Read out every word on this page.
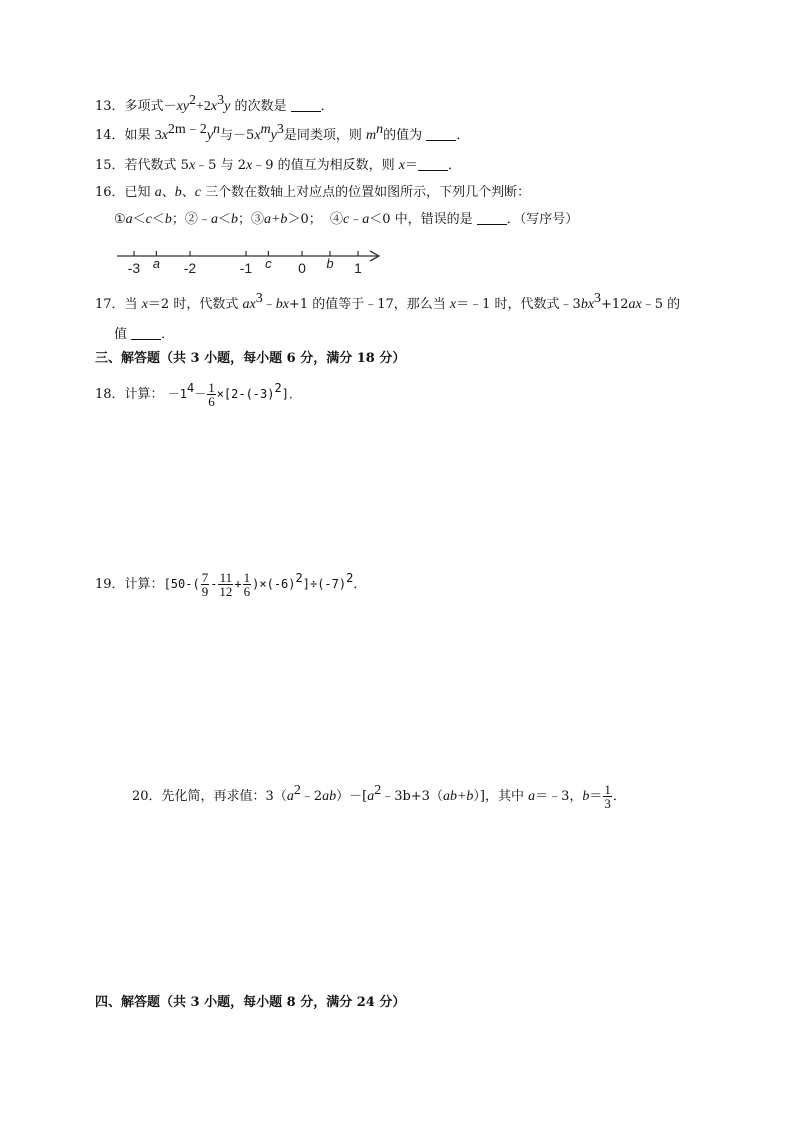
13．多项式$-xy^2+2x^3y$ 的次数是	．
14．如果 $3x^{2m﹣2}y^n$与$-5x^my^3$是同类项，则 $m^n$的值为	．
15．若代数式 5x﹣5 与 2x﹣9 的值互为相反数，则 x＝ ．
16．已知 a、b、c 三个数在数轴上对应点的位置如图所示，下列几个判断：
①a＜c＜b；②﹣a＜b；③a+b＞0； ④c﹣a＜0 中，错误的是	．（写序号）
-3 a -2	-1 c 0 b 1
17．当 x＝2 时，代数式 $ax^3﹣bx+1$ 的值等于﹣17，那么当 x＝﹣1 时，代数式$﹣3bx^3+12ax﹣5$ 的
值	．
三、解答题（共 3 小题，每小题 6 分，满分 18 分）
18．计算： $-1^4- \frac{1}{6} \times[2-(-3)^2]$．
19．计算：$[50-( \frac{7}{9} - \frac{11}{12} + \frac{1}{6} )\times(-6)^2]\div(-7)^2$．
20．先化简，再求值：$3(a^2﹣2ab)-[a^2﹣3b+3(ab+b)]$，其中 a＝﹣3，$b= \frac{1}{3}$ ．
四、解答题（共 3 小题，每小题 8 分，满分 24 分）
